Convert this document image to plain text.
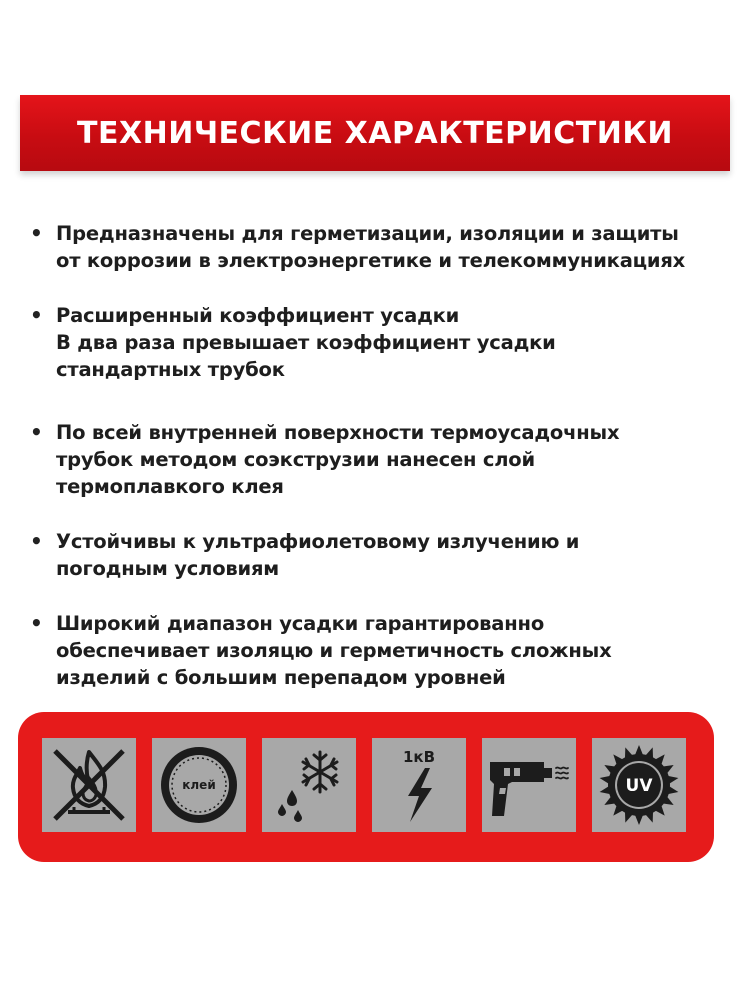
ТЕХНИЧЕСКИЕ ХАРАКТЕРИСТИКИ
• Предназначены для герметизации, изоляции и защиты
от коррозии в электроэнергетике и телекоммуникациях
• Расширенный коэффициент усадки
В два раза превышает коэффициент усадки
стандартных трубок
• По всей внутренней поверхности термоусадочных
трубок методом соэкструзии нанесен слой
термоплавкого клея
• Устойчивы к ультрафиолетовому излучению и
погодным условиям
• Широкий диапазон усадки гарантированно
обеспечивает изоляцю и герметичность сложных
изделий с большим перепадом уровней
клей
1кВ
UV
